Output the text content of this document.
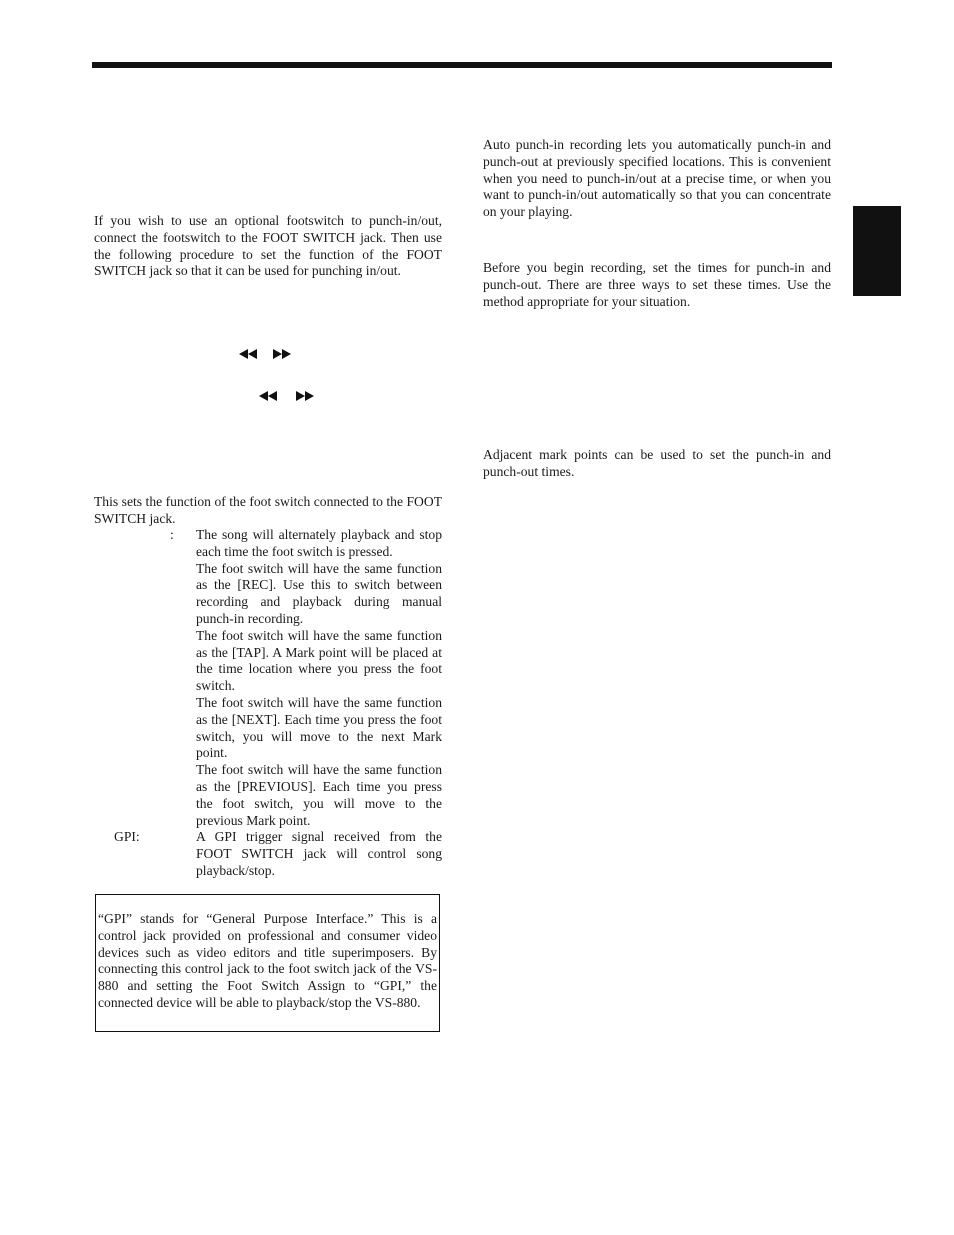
If you wish to use an optional footswitch to punch-in/out, connect the footswitch to the FOOT SWITCH jack. Then use the following procedure to set the function of the FOOT SWITCH jack so that it can be used for punching in/out.

This sets the function of the foot switch connected to the FOOT SWITCH jack.

:	The song will alternately playback and stop each time the foot switch is pressed.
The foot switch will have the same function as the [REC]. Use this to switch between recording and playback during manual punch-in recording.
The foot switch will have the same function as the [TAP]. A Mark point will be placed at the time location where you press the foot switch.
The foot switch will have the same function as the [NEXT]. Each time you press the foot switch, you will move to the next Mark point.
The foot switch will have the same function as the [PREVIOUS]. Each time you press the foot switch, you will move to the previous Mark point.
GPI:	A GPI trigger signal received from the FOOT SWITCH jack will control song playback/stop.

“GPI” stands for “General Purpose Interface.” This is a control jack provided on professional and consumer video devices such as video editors and title superimposers. By connecting this control jack to the foot switch jack of the VS-880 and setting the Foot Switch Assign to “GPI,” the connected device will be able to playback/stop the VS-880.

Auto punch-in recording lets you automatically punch-in and punch-out at previously specified locations. This is convenient when you need to punch-in/out at a precise time, or when you want to punch-in/out automatically so that you can concentrate on your playing.

Before you begin recording, set the times for punch-in and punch-out. There are three ways to set these times. Use the method appropriate for your situation.

Adjacent mark points can be used to set the punch-in and punch-out times.
